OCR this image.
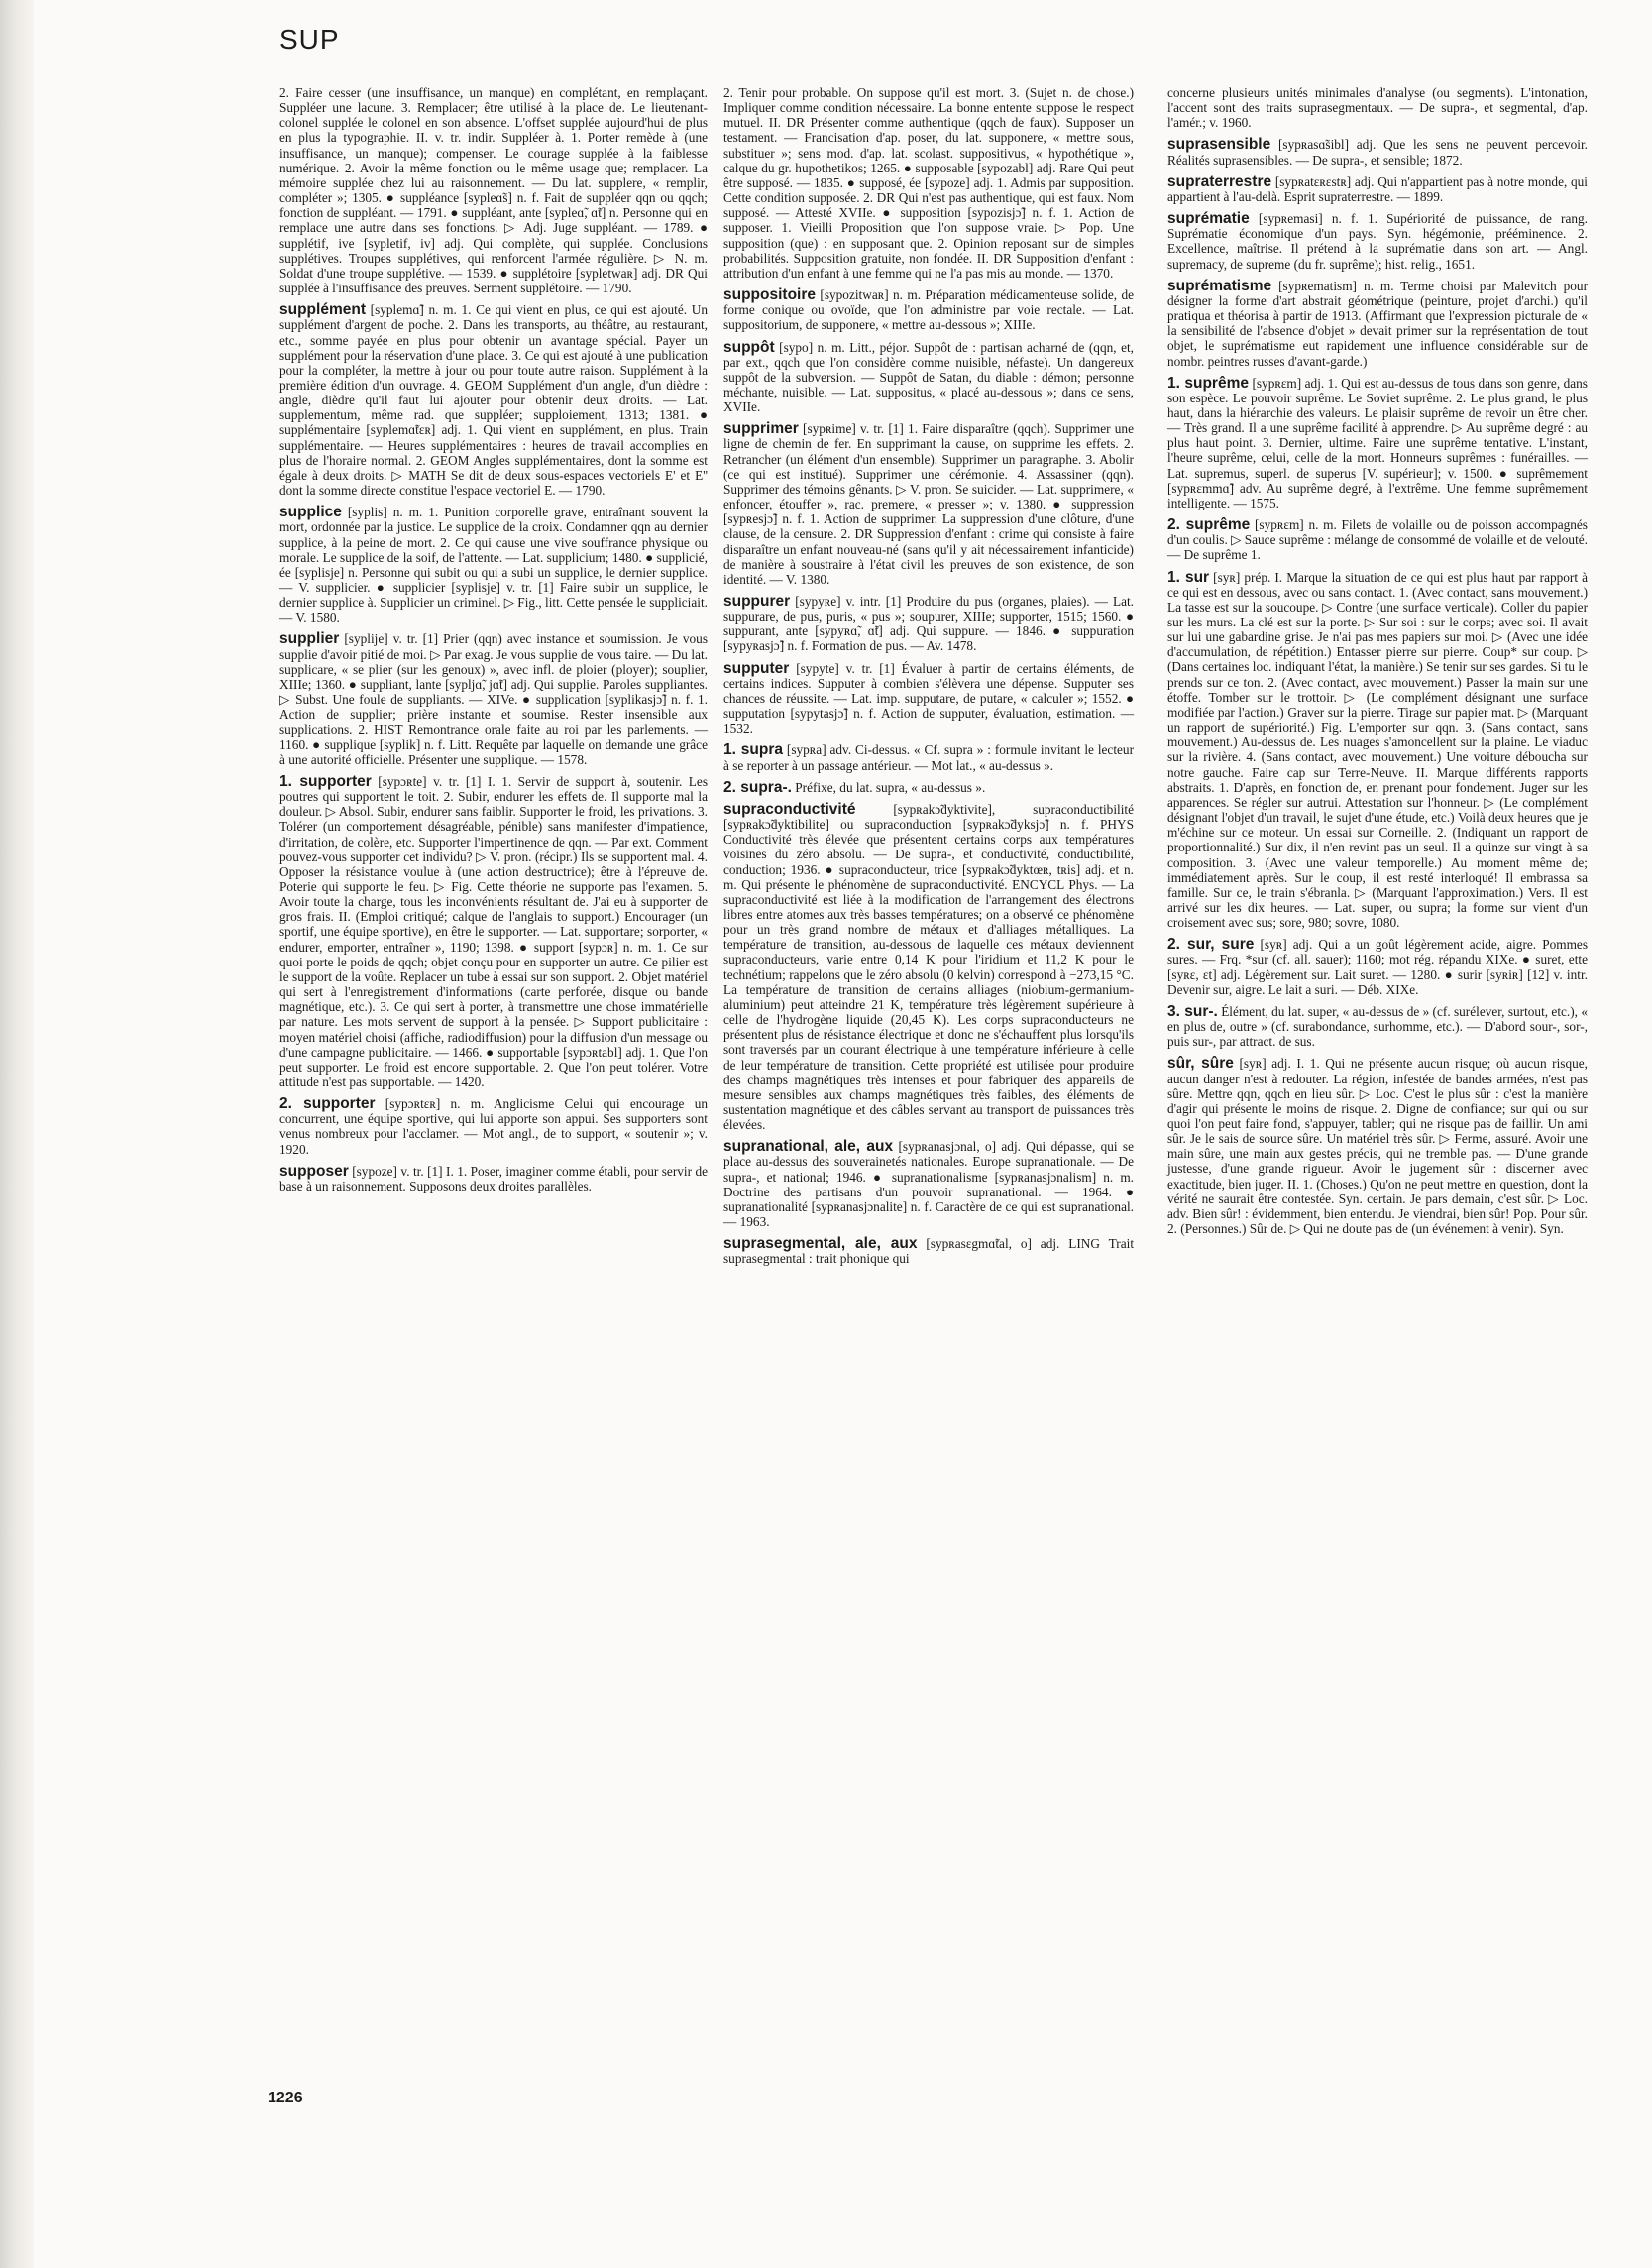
SUP

2. Faire cesser (une insuffisance, un manque) en complétant, en remplaçant. Suppléer une lacune. 3. Remplacer; être utilisé à la place de. Le lieutenant-colonel supplée le colonel en son absence. L'offset supplée aujourd'hui de plus en plus la typographie. II. v. tr. indir. Suppléer à. 1. Porter remède à (une insuffisance, un manque); compenser. Le courage supplée à la faiblesse numérique. 2. Avoir la même fonction ou le même usage que; remplacer. La mémoire supplée chez lui au raisonnement. — Du lat. supplere, « remplir, compléter »; 1305. ● suppléance [sypleɑ̃s] n. f. Fait de suppléer qqn ou qqch; fonction de suppléant. — 1791. ● suppléant, ante [sypleɑ̃, ɑ̃t] n. Personne qui en remplace une autre dans ses fonctions. ▷ Adj. Juge suppléant. — 1789. ● supplétif, ive [sypletif, iv] adj. Qui complète, qui supplée. Conclusions supplétives. Troupes supplétives, qui renforcent l'armée régulière. ▷ N. m. Soldat d'une troupe supplétive. — 1539. ● supplétoire [sypletwaʀ] adj. DR Qui supplée à l'insuffisance des preuves. Serment supplétoire. — 1790.

supplément [syplemɑ̃] n. m. 1. Ce qui vient en plus, ce qui est ajouté. Un supplément d'argent de poche. 2. Dans les transports, au théâtre, au restaurant, etc., somme payée en plus pour obtenir un avantage spécial. Payer un supplément pour la réservation d'une place. 3. Ce qui est ajouté à une publication pour la compléter, la mettre à jour ou pour toute autre raison. Supplément à la première édition d'un ouvrage. 4. GEOM Supplément d'un angle, d'un dièdre : angle, dièdre qu'il faut lui ajouter pour obtenir deux droits. — Lat. supplementum, même rad. que suppléer; supploiement, 1313; 1381. ● supplémentaire [syplemɑ̃tɛʀ] adj. 1. Qui vient en supplément, en plus. Train supplémentaire. — Heures supplémentaires : heures de travail accomplies en plus de l'horaire normal. 2. GEOM Angles supplémentaires, dont la somme est égale à deux droits. ▷ MATH Se dit de deux sous-espaces vectoriels E' et E'' dont la somme directe constitue l'espace vectoriel E. — 1790.

supplice [syplis] n. m. 1. Punition corporelle grave, entraînant souvent la mort, ordonnée par la justice. Le supplice de la croix. Condamner qqn au dernier supplice, à la peine de mort. 2. Ce qui cause une vive souffrance physique ou morale. Le supplice de la soif, de l'attente. — Lat. supplicium; 1480. ● supplicié, ée [syplisje] n. Personne qui subit ou qui a subi un supplice, le dernier supplice. — V. supplicier. ● supplicier [syplisje] v. tr. [1] Faire subir un supplice, le dernier supplice à. Supplicier un criminel. ▷ Fig., litt. Cette pensée le suppliciait. — V. 1580.

supplier [syplije] v. tr. [1] Prier (qqn) avec instance et soumission. Je vous supplie d'avoir pitié de moi. ▷ Par exag. Je vous supplie de vous taire. — Du lat. supplicare, « se plier (sur les genoux) », avec infl. de ploier (ployer); souplier, XIIIe; 1360. ● suppliant, lante [sypljɑ̃, jɑ̃t] adj. Qui supplie. Paroles suppliantes. ▷ Subst. Une foule de suppliants. — XIVe. ● supplication [syplikasjɔ̃] n. f. 1. Action de supplier; prière instante et soumise. Rester insensible aux supplications. 2. HIST Remontrance orale faite au roi par les parlements. — 1160. ● supplique [syplik] n. f. Litt. Requête par laquelle on demande une grâce à une autorité officielle. Présenter une supplique. — 1578.

1. supporter [sypɔʀte] v. tr. [1] I. 1. Servir de support à, soutenir. Les poutres qui supportent le toit. 2. Subir, endurer les effets de. Il supporte mal la douleur. ▷ Absol. Subir, endurer sans faiblir. Supporter le froid, les privations. 3. Tolérer (un comportement désagréable, pénible) sans manifester d'impatience, d'irritation, de colère, etc. Supporter l'impertinence de qqn. — Par ext. Comment pouvez-vous supporter cet individu? ▷ V. pron. (récipr.) Ils se supportent mal. 4. Opposer la résistance voulue à (une action destructrice); être à l'épreuve de. Poterie qui supporte le feu. ▷ Fig. Cette théorie ne supporte pas l'examen. 5. Avoir toute la charge, tous les inconvénients résultant de. J'ai eu à supporter de gros frais. II. (Emploi critiqué; calque de l'anglais to support.) Encourager (un sportif, une équipe sportive), en être le supporter. — Lat. supportare; sorporter, « endurer, emporter, entraîner », 1190; 1398. ● support [sypɔʀ] n. m. 1. Ce sur quoi porte le poids de qqch; objet conçu pour en supporter un autre. Ce pilier est le support de la voûte. Replacer un tube à essai sur son support. 2. Objet matériel qui sert à l'enregistrement d'informations (carte perforée, disque ou bande magnétique, etc.). 3. Ce qui sert à porter, à transmettre une chose immatérielle par nature. Les mots servent de support à la pensée. ▷ Support publicitaire : moyen matériel choisi (affiche, radiodiffusion) pour la diffusion d'un message ou d'une campagne publicitaire. — 1466. ● supportable [sypɔʀtabl] adj. 1. Que l'on peut supporter. Le froid est encore supportable. 2. Que l'on peut tolérer. Votre attitude n'est pas supportable. — 1420.

2. supporter [sypɔʀtɛʀ] n. m. Anglicisme Celui qui encourage un concurrent, une équipe sportive, qui lui apporte son appui. Ses supporters sont venus nombreux pour l'acclamer. — Mot angl., de to support, « soutenir »; v. 1920.

supposer [sypoze] v. tr. [1] I. 1. Poser, imaginer comme établi, pour servir de base à un raisonnement. Supposons deux droites parallèles.

2. Tenir pour probable. On suppose qu'il est mort. 3. (Sujet n. de chose.) Impliquer comme condition nécessaire. La bonne entente suppose le respect mutuel. II. DR Présenter comme authentique (qqch de faux). Supposer un testament. — Francisation d'ap. poser, du lat. supponere, « mettre sous, substituer »; sens mod. d'ap. lat. scolast. suppositivus, « hypothétique », calque du gr. hupothetikos; 1265. ● supposable [sypozabl] adj. Rare Qui peut être supposé. — 1835. ● supposé, ée [sypoze] adj. 1. Admis par supposition. Cette condition supposée. 2. DR Qui n'est pas authentique, qui est faux. Nom supposé. — Attesté XVIIe. ● supposition [sypozisjɔ̃] n. f. 1. Action de supposer. 1. Vieilli Proposition que l'on suppose vraie. ▷ Pop. Une supposition (que) : en supposant que. 2. Opinion reposant sur de simples probabilités. Supposition gratuite, non fondée. II. DR Supposition d'enfant : attribution d'un enfant à une femme qui ne l'a pas mis au monde. — 1370.

suppositoire [sypozitwaʀ] n. m. Préparation médicamenteuse solide, de forme conique ou ovoïde, que l'on administre par voie rectale. — Lat. suppositorium, de supponere, « mettre au-dessous »; XIIIe.

suppôt [sypo] n. m. Litt., péjor. Suppôt de : partisan acharné de (qqn, et, par ext., qqch que l'on considère comme nuisible, néfaste). Un dangereux suppôt de la subversion. — Suppôt de Satan, du diable : démon; personne méchante, nuisible. — Lat. suppositus, « placé au-dessous »; dans ce sens, XVIIe.

supprimer [sypʀime] v. tr. [1] 1. Faire disparaître (qqch). Supprimer une ligne de chemin de fer. En supprimant la cause, on supprime les effets. 2. Retrancher (un élément d'un ensemble). Supprimer un paragraphe. 3. Abolir (ce qui est institué). Supprimer une cérémonie. 4. Assassiner (qqn). Supprimer des témoins gênants. ▷ V. pron. Se suicider. — Lat. supprimere, « enfoncer, étouffer », rac. premere, « presser »; v. 1380. ● suppression [sypʀesjɔ̃] n. f. 1. Action de supprimer. La suppression d'une clôture, d'une clause, de la censure. 2. DR Suppression d'enfant : crime qui consiste à faire disparaître un enfant nouveau-né (sans qu'il y ait nécessairement infanticide) de manière à soustraire à l'état civil les preuves de son existence, de son identité. — V. 1380.

suppurer [sypyʀe] v. intr. [1] Produire du pus (organes, plaies). — Lat. suppurare, de pus, puris, « pus »; soupurer, XIIIe; supporter, 1515; 1560. ● suppurant, ante [sypyʀɑ̃, ɑ̃t] adj. Qui suppure. — 1846. ● suppuration [sypyʀasjɔ̃] n. f. Formation de pus. — Av. 1478.

supputer [sypyte] v. tr. [1] Évaluer à partir de certains éléments, de certains indices. Supputer à combien s'élèvera une dépense. Supputer ses chances de réussite. — Lat. imp. supputare, de putare, « calculer »; 1552. ● supputation [sypytasjɔ̃] n. f. Action de supputer, évaluation, estimation. — 1532.

1. supra [sypʀa] adv. Ci-dessus. « Cf. supra » : formule invitant le lecteur à se reporter à un passage antérieur. — Mot lat., « au-dessus ».

2. supra-. Préfixe, du lat. supra, « au-dessus ».

supraconductivité	[sypʀakɔ̃dyktivite], supraconductibilité [sypʀakɔ̃dyktibilite] ou supraconduction [sypʀakɔ̃dyksjɔ̃] n. f. PHYS Conductivité très élevée que présentent certains corps aux températures voisines du zéro absolu. — De supra-, et conductivité, conductibilité, conduction; 1936. ● supraconducteur, trice [sypʀakɔ̃dyktœʀ, tʀis] adj. et n. m. Qui présente le phénomène de supraconductivité. ENCYCL Phys. — La supraconductivité est liée à la modification de l'arrangement des électrons libres entre atomes aux très basses températures; on a observé ce phénomène pour un très grand nombre de métaux et d'alliages métalliques. La température de transition, au-dessous de laquelle ces métaux deviennent supraconducteurs, varie entre 0,14 K pour l'iridium et 11,2 K pour le technétium; rappelons que le zéro absolu (0 kelvin) correspond à −273,15 °C. La température de transition de certains alliages (niobium-germanium-aluminium) peut atteindre 21 K, température très légèrement supérieure à celle de l'hydrogène liquide (20,45 K). Les corps supraconducteurs ne présentent plus de résistance électrique et donc ne s'échauffent plus lorsqu'ils sont traversés par un courant électrique à une température inférieure à celle de leur température de transition. Cette propriété est utilisée pour produire des champs magnétiques très intenses et pour fabriquer des appareils de mesure sensibles aux champs magnétiques très faibles, des éléments de sustentation magnétique et des câbles servant au transport de puissances très élevées.

supranational, ale, aux [sypʀanasjɔnal, o] adj. Qui dépasse, qui se place au-dessus des souverainetés nationales. Europe supranationale. — De supra-, et national; 1946. ● supranationalisme [sypʀanasjɔnalism] n. m. Doctrine des partisans d'un pouvoir supranational. — 1964. ● supranationalité [sypʀanasjɔnalite] n. f. Caractère de ce qui est supranational. — 1963.

suprasegmental, ale, aux [sypʀasɛgmɑ̃tal, o] adj. LING Trait suprasegmental : trait phonique qui

concerne plusieurs unités minimales d'analyse (ou segments). L'intonation, l'accent sont des traits suprasegmentaux. — De supra-, et segmental, d'ap. l'amér.; v. 1960.

suprasensible [sypʀasɑ̃sibl] adj. Que les sens ne peuvent percevoir. Réalités suprasensibles. — De supra-, et sensible; 1872.

supraterrestre [sypʀatɛʀɛstʀ] adj. Qui n'appartient pas à notre monde, qui appartient à l'au-delà. Esprit supraterrestre. — 1899.

suprématie [sypʀemasi] n. f. 1. Supériorité de puissance, de rang. Suprématie économique d'un pays. Syn. hégémonie, prééminence. 2. Excellence, maîtrise. Il prétend à la suprématie dans son art. — Angl. supremacy, de supreme (du fr. suprême); hist. relig., 1651.

suprématisme [sypʀematism] n. m. Terme choisi par Malevitch pour désigner la forme d'art abstrait géométrique (peinture, projet d'archi.) qu'il pratiqua et théorisa à partir de 1913. (Affirmant que l'expression picturale de « la sensibilité de l'absence d'objet » devait primer sur la représentation de tout objet, le suprématisme eut rapidement une influence considérable sur de nombr. peintres russes d'avant-garde.)

1. suprême [sypʀɛm] adj. 1. Qui est au-dessus de tous dans son genre, dans son espèce. Le pouvoir suprême. Le Soviet suprême. 2. Le plus grand, le plus haut, dans la hiérarchie des valeurs. Le plaisir suprême de revoir un être cher. — Très grand. Il a une suprême facilité à apprendre. ▷ Au suprême degré : au plus haut point. 3. Dernier, ultime. Faire une suprême tentative. L'instant, l'heure suprême, celui, celle de la mort. Honneurs suprêmes : funérailles. — Lat. supremus, superl. de superus [V. supérieur]; v. 1500. ● suprêmement [sypʀɛmmɑ̃] adv. Au suprême degré, à l'extrême. Une femme suprêmement intelligente. — 1575.

2. suprême [sypʀɛm] n. m. Filets de volaille ou de poisson accompagnés d'un coulis. ▷ Sauce suprême : mélange de consommé de volaille et de velouté. — De suprême 1.

1. sur [syʀ] prép. I. Marque la situation de ce qui est plus haut par rapport à ce qui est en dessous, avec ou sans contact. 1. (Avec contact, sans mouvement.) La tasse est sur la soucoupe. ▷ Contre (une surface verticale). Coller du papier sur les murs. La clé est sur la porte. ▷ Sur soi : sur le corps; avec soi. Il avait sur lui une gabardine grise. Je n'ai pas mes papiers sur moi. ▷ (Avec une idée d'accumulation, de répétition.) Entasser pierre sur pierre. Coup* sur coup. ▷ (Dans certaines loc. indiquant l'état, la manière.) Se tenir sur ses gardes. Si tu le prends sur ce ton. 2. (Avec contact, avec mouvement.) Passer la main sur une étoffe. Tomber sur le trottoir. ▷ (Le complément désignant une surface modifiée par l'action.) Graver sur la pierre. Tirage sur papier mat. ▷ (Marquant un rapport de supériorité.) Fig. L'emporter sur qqn. 3. (Sans contact, sans mouvement.) Au-dessus de. Les nuages s'amoncellent sur la plaine. Le viaduc sur la rivière. 4. (Sans contact, avec mouvement.) Une voiture déboucha sur notre gauche. Faire cap sur Terre-Neuve. II. Marque différents rapports abstraits. 1. D'après, en fonction de, en prenant pour fondement. Juger sur les apparences. Se régler sur autrui. Attestation sur l'honneur. ▷ (Le complément désignant l'objet d'un travail, le sujet d'une étude, etc.) Voilà deux heures que je m'échine sur ce moteur. Un essai sur Corneille. 2. (Indiquant un rapport de proportionnalité.) Sur dix, il n'en revint pas un seul. Il a quinze sur vingt à sa composition. 3. (Avec une valeur temporelle.) Au moment même de; immédiatement après. Sur le coup, il est resté interloqué! Il embrassa sa famille. Sur ce, le train s'ébranla. ▷ (Marquant l'approximation.) Vers. Il est arrivé sur les dix heures. — Lat. super, ou supra; la forme sur vient d'un croisement avec sus; sore, 980; sovre, 1080.

2. sur, sure [syʀ] adj. Qui a un goût légèrement acide, aigre. Pommes sures. — Frq. *sur (cf. all. sauer); 1160; mot rég. répandu XIXe. ● suret, ette [syʀɛ, ɛt] adj. Légèrement sur. Lait suret. — 1280. ● surir [syʀiʀ] [12] v. intr. Devenir sur, aigre. Le lait a suri. — Déb. XIXe.

3. sur-. Élément, du lat. super, « au-dessus de » (cf. surélever, surtout, etc.), « en plus de, outre » (cf. surabondance, surhomme, etc.). — D'abord sour-, sor-, puis sur-, par attract. de sus.

sûr, sûre [syʀ] adj. I. 1. Qui ne présente aucun risque; où aucun risque, aucun danger n'est à redouter. La région, infestée de bandes armées, n'est pas sûre. Mettre qqn, qqch en lieu sûr. ▷ Loc. C'est le plus sûr : c'est la manière d'agir qui présente le moins de risque. 2. Digne de confiance; sur qui ou sur quoi l'on peut faire fond, s'appuyer, tabler; qui ne risque pas de faillir. Un ami sûr. Je le sais de source sûre. Un matériel très sûr. ▷ Ferme, assuré. Avoir une main sûre, une main aux gestes précis, qui ne tremble pas. — D'une grande justesse, d'une grande rigueur. Avoir le jugement sûr : discerner avec exactitude, bien juger. II. 1. (Choses.) Qu'on ne peut mettre en question, dont la vérité ne saurait être contestée. Syn. certain. Je pars demain, c'est sûr. ▷ Loc. adv. Bien sûr! : évidemment, bien entendu. Je viendrai, bien sûr! Pop. Pour sûr. 2. (Personnes.) Sûr de. ▷ Qui ne doute pas de (un événement à venir). Syn.

1226
